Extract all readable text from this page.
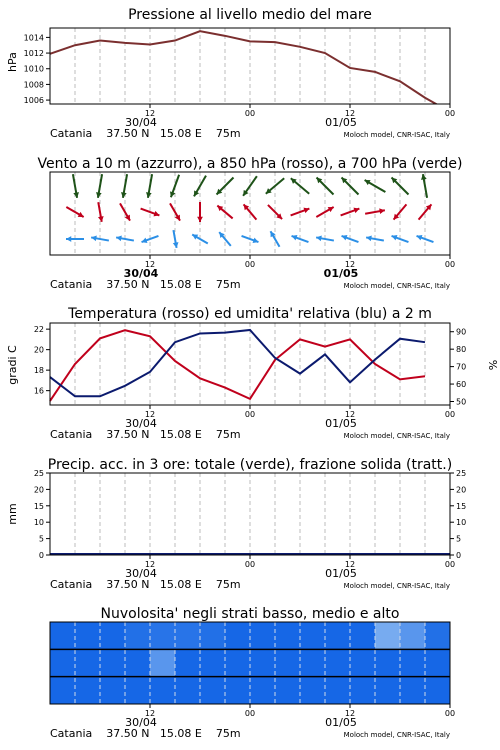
Pressione al livello medio del mare
hPa
1006
1008
1010
1012
1014
12	00	12	00
30/04	01/05
Catania    37.50 N   15.08 E    75m	Moloch model, CNR-ISAC, Italy
Vento a 10 m (azzurro), a 850 hPa (rosso), a 700 hPa (verde)
12	00	12	00
30/04	01/05
Catania    37.50 N   15.08 E    75m	Moloch model, CNR-ISAC, Italy
Temperatura (rosso) ed umidita' relativa (blu) a 2 m
gradi C	%
16
18
20
22
50
60
70
80
90
12	00	12	00
30/04	01/05
Catania    37.50 N   15.08 E    75m	Moloch model, CNR-ISAC, Italy
Precip. acc. in 3 ore: totale (verde), frazione solida (tratt.)
mm
0
5
10
15
20
25
0
5
10
15
20
25
12	00	12	00
30/04	01/05
Catania    37.50 N   15.08 E    75m	Moloch model, CNR-ISAC, Italy
Nuvolosita' negli strati basso, medio e alto
12	00	12	00
30/04	01/05
Catania    37.50 N   15.08 E    75m	Moloch model, CNR-ISAC, Italy
